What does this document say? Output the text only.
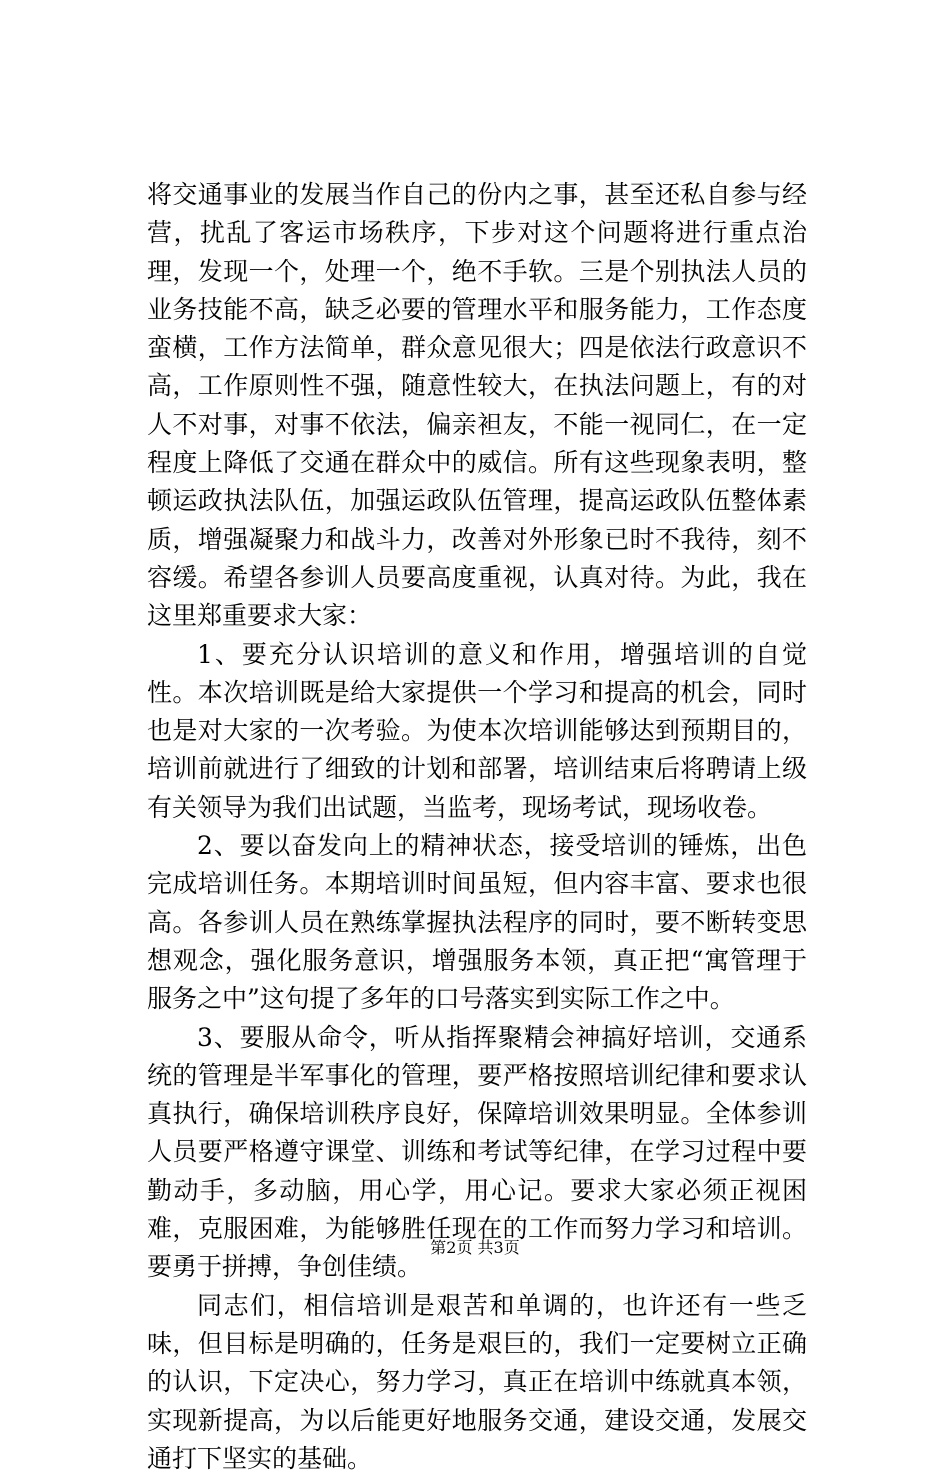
将交通事业的发展当作自己的份内之事，甚至还私自参与经营，扰乱了客运市场秩序，下步对这个问题将进行重点治理，发现一个，处理一个，绝不手软。三是个别执法人员的业务技能不高，缺乏必要的管理水平和服务能力，工作态度蛮横，工作方法简单，群众意见很大；四是依法行政意识不高，工作原则性不强，随意性较大，在执法问题上，有的对人不对事，对事不依法，偏亲袒友，不能一视同仁，在一定程度上降低了交通在群众中的威信。所有这些现象表明，整顿运政执法队伍，加强运政队伍管理，提高运政队伍整体素质，增强凝聚力和战斗力，改善对外形象已时不我待，刻不容缓。希望各参训人员要高度重视，认真对待。为此，我在这里郑重要求大家：

1、要充分认识培训的意义和作用，增强培训的自觉性。本次培训既是给大家提供一个学习和提高的机会，同时也是对大家的一次考验。为使本次培训能够达到预期目的，培训前就进行了细致的计划和部署，培训结束后将聘请上级有关领导为我们出试题，当监考，现场考试，现场收卷。

2、要以奋发向上的精神状态，接受培训的锤炼，出色完成培训任务。本期培训时间虽短，但内容丰富、要求也很高。各参训人员在熟练掌握执法程序的同时，要不断转变思想观念，强化服务意识，增强服务本领，真正把“寓管理于服务之中”这句提了多年的口号落实到实际工作之中。

3、要服从命令，听从指挥聚精会神搞好培训，交通系统的管理是半军事化的管理，要严格按照培训纪律和要求认真执行，确保培训秩序良好，保障培训效果明显。全体参训人员要严格遵守课堂、训练和考试等纪律，在学习过程中要勤动手，多动脑，用心学，用心记。要求大家必须正视困难，克服困难，为能够胜任现在的工作而努力学习和培训。要勇于拼搏，争创佳绩。

同志们，相信培训是艰苦和单调的，也许还有一些乏味，但目标是明确的，任务是艰巨的，我们一定要树立正确的认识，下定决心，努力学习，真正在培训中练就真本领，实现新提高，为以后能更好地服务交通，建设交通，发展交通打下坚实的基础。

第2页 共3页
